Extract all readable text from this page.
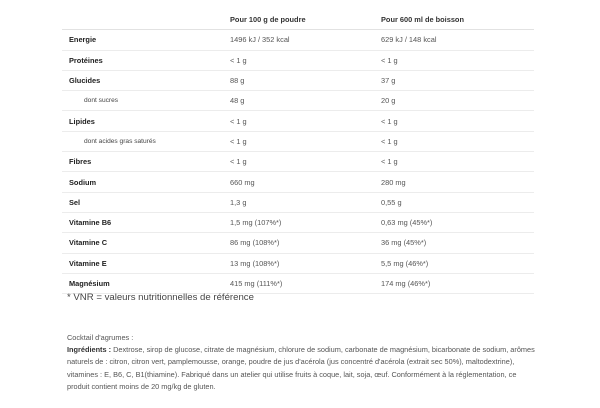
	Pour 100 g de poudre	Pour 600 ml de boisson
Energie	1496 kJ / 352 kcal	629 kJ / 148 kcal
Protéines	< 1 g	< 1 g
Glucides	88 g	37 g
dont sucres	48 g	20 g
Lipides	< 1 g	< 1 g
dont acides gras saturés	< 1 g	< 1 g
Fibres	< 1 g	< 1 g
Sodium	660 mg	280 mg
Sel	1,3 g	0,55 g
Vitamine B6	1,5 mg (107%*)	0,63 mg (45%*)
Vitamine C	86 mg (108%*)	36 mg (45%*)
Vitamine E	13 mg (108%*)	5,5 mg (46%*)
Magnésium	415 mg (111%*)	174 mg (46%*)
* VNR = valeurs nutritionnelles de référence

Cocktail d'agrumes :

Ingrédients : Dextrose, sirop de glucose, citrate de magnésium, chlorure de sodium, carbonate de magnésium, bicarbonate de sodium, arômes naturels de : citron, citron vert, pamplemousse, orange, poudre de jus d'acérola (jus concentré d'acérola (extrait sec 50%), maltodextrine), vitamines : E, B6, C, B1(thiamine). Fabriqué dans un atelier qui utilise fruits à coque, lait, soja, œuf. Conformément à la réglementation, ce produit contient moins de 20 mg/kg de gluten.
